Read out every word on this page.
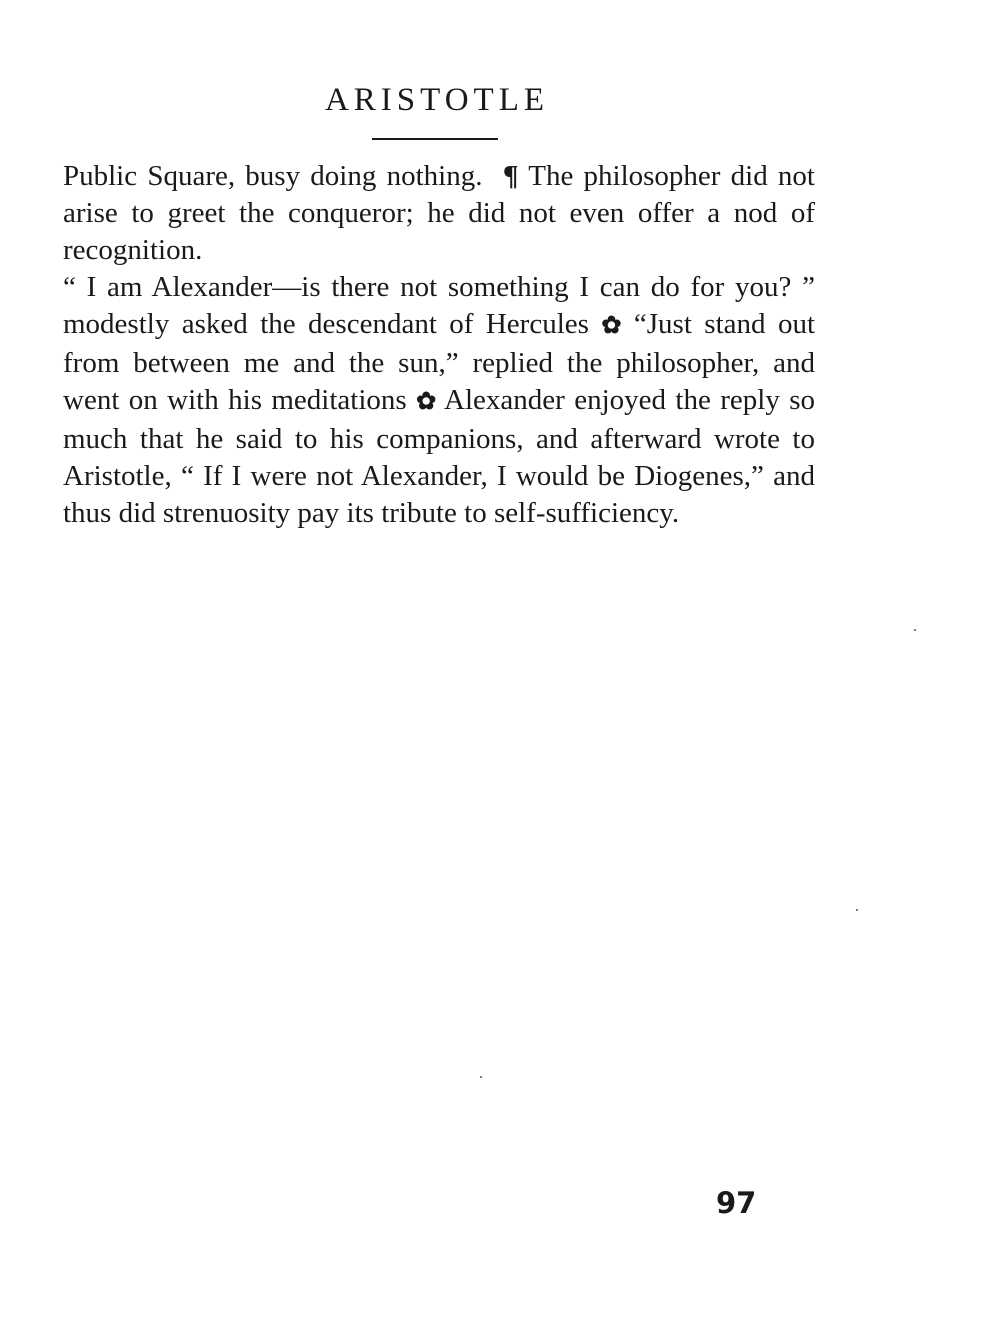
ARISTOTLE

Public Square, busy doing nothing. ¶ The philosopher did not arise to greet the conqueror; he did not even offer a nod of recognition.

“ I am Alexander—is there not something I can do for you? ” modestly asked the descendant of Hercules ✿ “Just stand out from between me and the sun,” replied the philosopher, and went on with his meditations ✿ Alexander enjoyed the reply so much that he said to his companions, and afterward wrote to Aristotle, “ If I were not Alexander, I would be Diogenes,” and thus did strenuosity pay its tribute to self-sufficiency.

97
